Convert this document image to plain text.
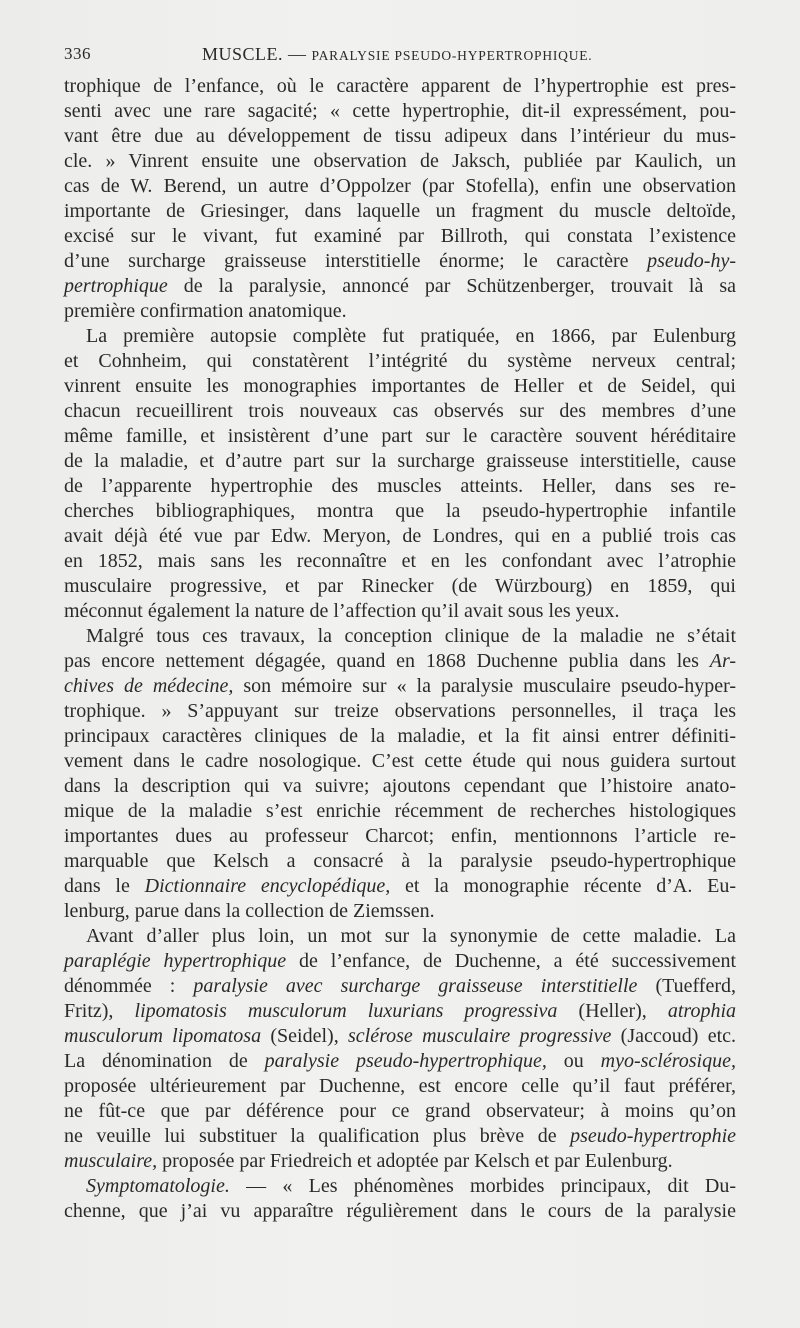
336	MUSCLE. — PARALYSIE PSEUDO-HYPERTROPHIQUE.
trophique de l’enfance, où le caractère apparent de l’hypertrophie est pres-
senti avec une rare sagacité; « cette hypertrophie, dit-il expressément, pou-
vant être due au développement de tissu adipeux dans l’intérieur du mus-
cle. » Vinrent ensuite une observation de Jaksch, publiée par Kaulich, un
cas de W. Berend, un autre d’Oppolzer (par Stofella), enfin une observation
importante de Griesinger, dans laquelle un fragment du muscle deltoïde,
excisé sur le vivant, fut examiné par Billroth, qui constata l’existence
d’une surcharge graisseuse interstitielle énorme; le caractère pseudo-hy-
pertrophique de la paralysie, annoncé par Schützenberger, trouvait là sa
première confirmation anatomique.
La première autopsie complète fut pratiquée, en 1866, par Eulenburg
et Cohnheim, qui constatèrent l’intégrité du système nerveux central;
vinrent ensuite les monographies importantes de Heller et de Seidel, qui
chacun recueillirent trois nouveaux cas observés sur des membres d’une
même famille, et insistèrent d’une part sur le caractère souvent héréditaire
de la maladie, et d’autre part sur la surcharge graisseuse interstitielle, cause
de l’apparente hypertrophie des muscles atteints. Heller, dans ses re-
cherches bibliographiques, montra que la pseudo-hypertrophie infantile
avait déjà été vue par Edw. Meryon, de Londres, qui en a publié trois cas
en 1852, mais sans les reconnaître et en les confondant avec l’atrophie
musculaire progressive, et par Rinecker (de Würzbourg) en 1859, qui
méconnut également la nature de l’affection qu’il avait sous les yeux.
Malgré tous ces travaux, la conception clinique de la maladie ne s’était
pas encore nettement dégagée, quand en 1868 Duchenne publia dans les Ar-
chives de médecine, son mémoire sur « la paralysie musculaire pseudo-hyper-
trophique. » S’appuyant sur treize observations personnelles, il traça les
principaux caractères cliniques de la maladie, et la fit ainsi entrer définiti-
vement dans le cadre nosologique. C’est cette étude qui nous guidera surtout
dans la description qui va suivre; ajoutons cependant que l’histoire anato-
mique de la maladie s’est enrichie récemment de recherches histologiques
importantes dues au professeur Charcot; enfin, mentionnons l’article re-
marquable que Kelsch a consacré à la paralysie pseudo-hypertrophique
dans le Dictionnaire encyclopédique, et la monographie récente d’A. Eu-
lenburg, parue dans la collection de Ziemssen.
Avant d’aller plus loin, un mot sur la synonymie de cette maladie. La
paraplégie hypertrophique de l’enfance, de Duchenne, a été successivement
dénommée : paralysie avec surcharge graisseuse interstitielle (Tuefferd,
Fritz), lipomatosis musculorum luxurians progressiva (Heller), atrophia
musculorum lipomatosa (Seidel), sclérose musculaire progressive (Jaccoud) etc.
La dénomination de paralysie pseudo-hypertrophique, ou myo-sclérosique,
proposée ultérieurement par Duchenne, est encore celle qu’il faut préférer,
ne fût-ce que par déférence pour ce grand observateur; à moins qu’on
ne veuille lui substituer la qualification plus brève de pseudo-hypertrophie
musculaire, proposée par Friedreich et adoptée par Kelsch et par Eulenburg.
Symptomatologie. — « Les phénomènes morbides principaux, dit Du-
chenne, que j’ai vu apparaître régulièrement dans le cours de la paralysie
